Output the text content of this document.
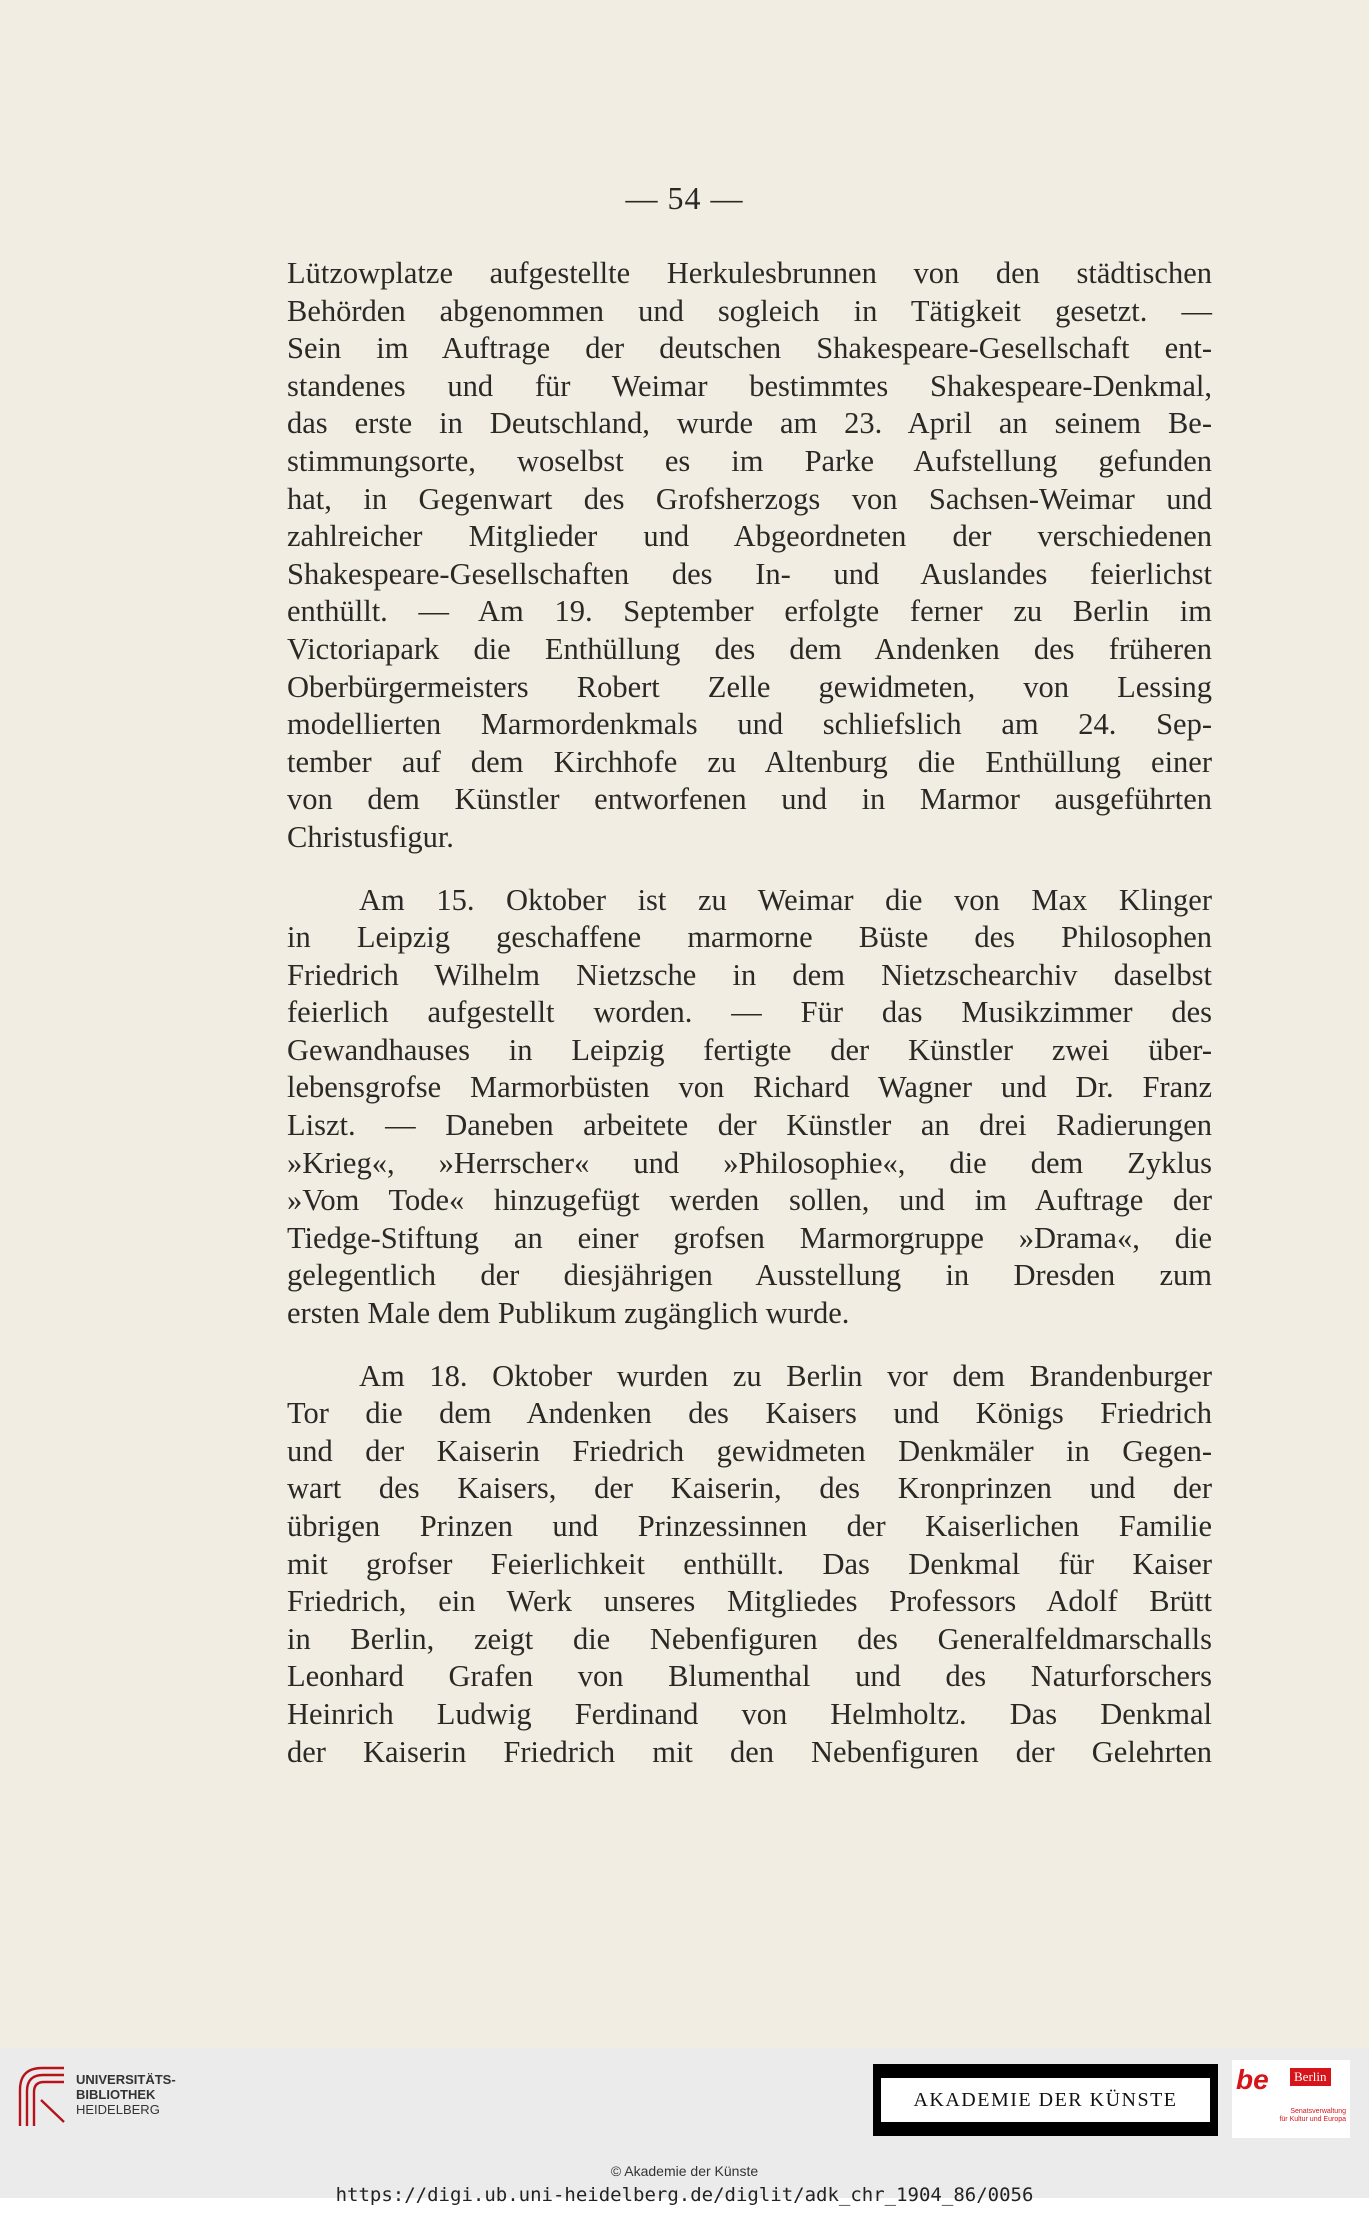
— 54 —
Lützowplatze aufgestellte Herkulesbrunnen von den städtischen
Behörden abgenommen und sogleich in Tätigkeit gesetzt. —
Sein im Auftrage der deutschen Shakespeare-Gesellschaft ent-
standenes und für Weimar bestimmtes Shakespeare-Denkmal,
das erste in Deutschland, wurde am 23. April an seinem Be-
stimmungsorte, woselbst es im Parke Aufstellung gefunden
hat, in Gegenwart des Grofsherzogs von Sachsen-Weimar und
zahlreicher Mitglieder und Abgeordneten der verschiedenen
Shakespeare-Gesellschaften des In- und Auslandes feierlichst
enthüllt. — Am 19. September erfolgte ferner zu Berlin im
Victoriapark die Enthüllung des dem Andenken des früheren
Oberbürgermeisters Robert Zelle gewidmeten, von Lessing
modellierten Marmordenkmals und schliefslich am 24. Sep-
tember auf dem Kirchhofe zu Altenburg die Enthüllung einer
von dem Künstler entworfenen und in Marmor ausgeführten
Christusfigur.
Am 15. Oktober ist zu Weimar die von Max Klinger
in Leipzig geschaffene marmorne Büste des Philosophen
Friedrich Wilhelm Nietzsche in dem Nietzschearchiv daselbst
feierlich aufgestellt worden. — Für das Musikzimmer des
Gewandhauses in Leipzig fertigte der Künstler zwei über-
lebensgrofse Marmorbüsten von Richard Wagner und Dr. Franz
Liszt. — Daneben arbeitete der Künstler an drei Radierungen
»Krieg«, »Herrscher« und »Philosophie«, die dem Zyklus
»Vom Tode« hinzugefügt werden sollen, und im Auftrage der
Tiedge-Stiftung an einer grofsen Marmorgruppe »Drama«, die
gelegentlich der diesjährigen Ausstellung in Dresden zum
ersten Male dem Publikum zugänglich wurde.
Am 18. Oktober wurden zu Berlin vor dem Brandenburger
Tor die dem Andenken des Kaisers und Königs Friedrich
und der Kaiserin Friedrich gewidmeten Denkmäler in Gegen-
wart des Kaisers, der Kaiserin, des Kronprinzen und der
übrigen Prinzen und Prinzessinnen der Kaiserlichen Familie
mit grofser Feierlichkeit enthüllt. Das Denkmal für Kaiser
Friedrich, ein Werk unseres Mitgliedes Professors Adolf Brütt
in Berlin, zeigt die Nebenfiguren des Generalfeldmarschalls
Leonhard Grafen von Blumenthal und des Naturforschers
Heinrich Ludwig Ferdinand von Helmholtz. Das Denkmal
der Kaiserin Friedrich mit den Nebenfiguren der Gelehrten
UNIVERSITÄTS-
BIBLIOTHEK
HEIDELBERG	AKADEMIE DER KÜNSTE
be	Berlin
Senatsverwaltung
für Kultur und Europa
© Akademie der Künste
https://digi.ub.uni-heidelberg.de/diglit/adk_chr_1904_86/0056
